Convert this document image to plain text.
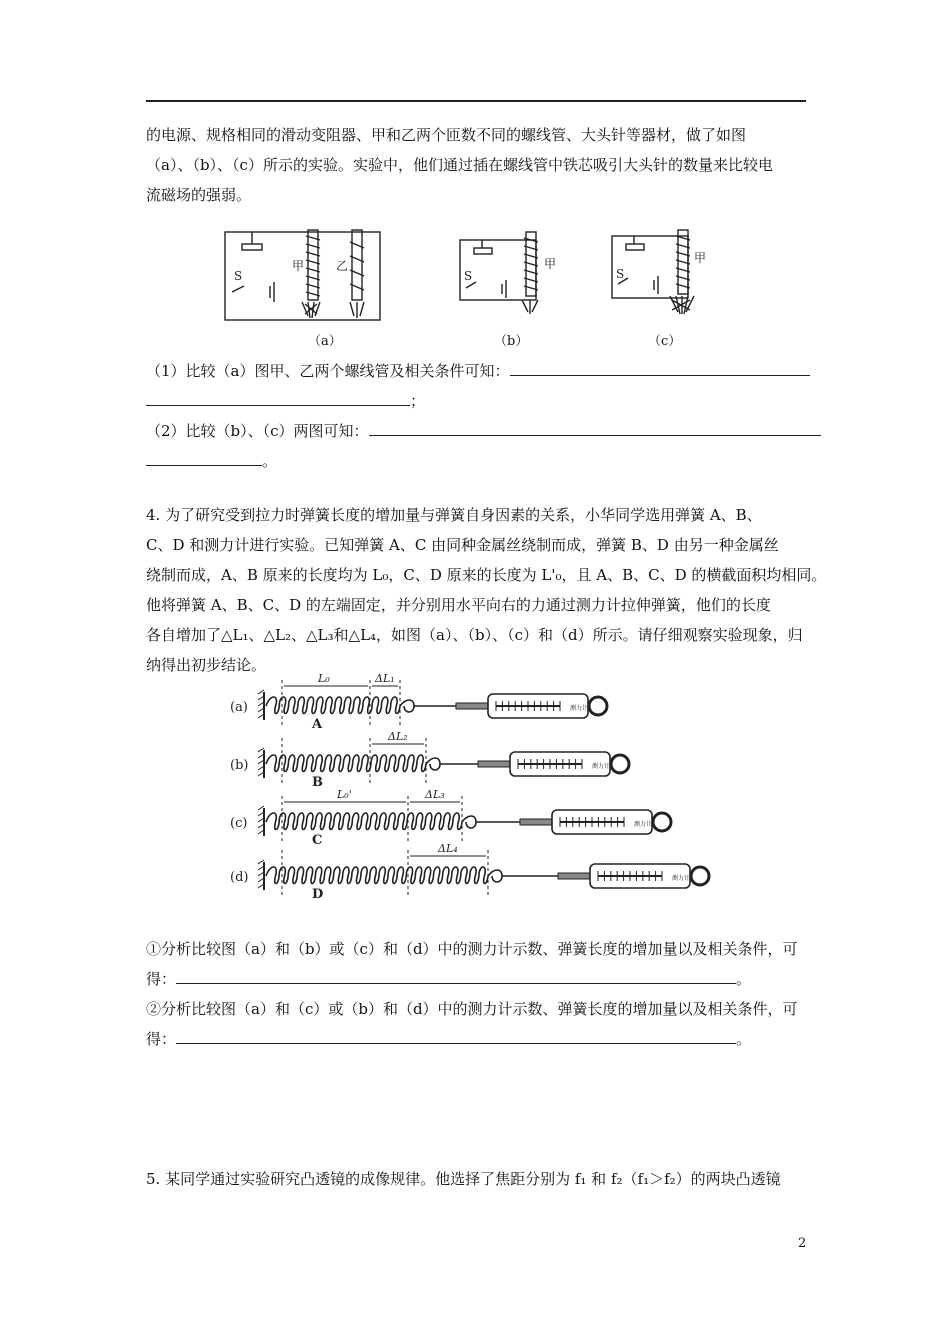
的电源、规格相同的滑动变阻器、甲和乙两个匝数不同的螺线管、大头针等器材，做了如图
（a）、（b）、（c）所示的实验。实验中，他们通过插在螺线管中铁芯吸引大头针的数量来比较电
流磁场的强弱。
S
甲	乙
S
甲
S
甲
（a）	（b）	（c）
（1）比较（a）图甲、乙两个螺线管及相关条件可知：
；
（2）比较（b）、（c）两图可知：
。
4. 为了研究受到拉力时弹簧长度的增加量与弹簧自身因素的关系，小华同学选用弹簧 A、B、
C、D 和测力计进行实验。已知弹簧 A、C 由同种金属丝绕制而成，弹簧 B、D 由另一种金属丝
绕制而成，A、B 原来的长度均为 L₀，C、D 原来的长度为 L'₀，且 A、B、C、D 的横截面积均相同。
他将弹簧 A、B、C、D 的左端固定，并分别用水平向右的力通过测力计拉伸弹簧，他们的长度
各自增加了△L₁、△L₂、△L₃和△L₄，如图（a）、（b）、（c）和（d）所示。请仔细观察实验现象，归
纳得出初步结论。
(a)
A
ΔL₁
L₀
测力计
(b)
B
ΔL₂
测力计
(c)
C
ΔL₃
L₀'
测力计
(d)
D
ΔL₄
测力计
①分析比较图（a）和（b）或（c）和（d）中的测力计示数、弹簧长度的增加量以及相关条件，可
得：	。
②分析比较图（a）和（c）或（b）和（d）中的测力计示数、弹簧长度的增加量以及相关条件，可
得：	。
5. 某同学通过实验研究凸透镜的成像规律。他选择了焦距分别为 f₁ 和 f₂（f₁＞f₂）的两块凸透镜
2
